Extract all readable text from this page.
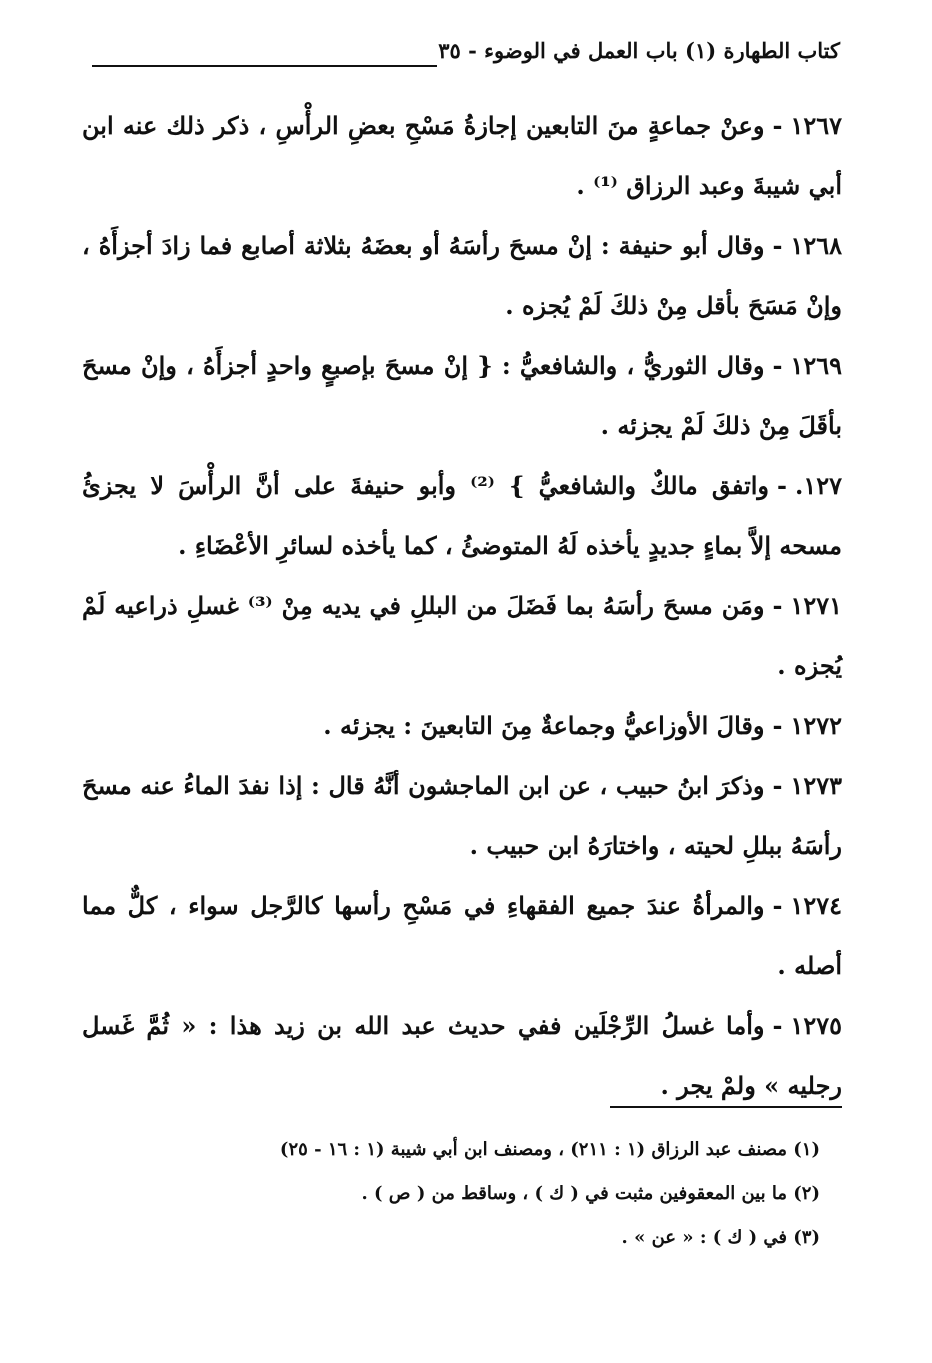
كتاب الطهارة (١) باب العمل في الوضوء - ٣٥

١٢٦٧-وعنْ جماعةٍ منَ التابعين إجازةُ مَسْحِ بعضِ الرأْسِ ، ذكر ذلك عنه ابن أبي شيبةَ وعبد الرزاق ⁽¹⁾ .

١٢٦٨-وقال أبو حنيفة : إنْ مسحَ رأسَهُ أو بعضَهُ بثلاثة أصابع فما زادَ أجزأَهُ ، وإنْ مَسَحَ بأقل مِنْ ذلكَ لَمْ يُجزه .

١٢٦٩-وقال الثوريُّ ، والشافعيُّ : { إنْ مسحَ بإصبعٍ واحدٍ أجزأَهُ ، وإنْ مسحَ بأقَلَ مِنْ ذلكَ لَمْ يجزئه .

١٢٧.-واتفق مالكٌ والشافعيُّ } ⁽²⁾ وأبو حنيفةَ على أنَّ الرأْسَ لا يجزئُ مسحه إلاَّ بماءٍ جديدٍ يأخذه لَهُ المتوضئُ ، كما يأخذه لسائرِ الأعْضَاءِ .

١٢٧١-ومَن مسحَ رأسَهُ بما فَضَلَ من البللِ في يديه مِنْ ⁽³⁾ غسلِ ذراعيه لَمْ يُجزه .

١٢٧٢-وقالَ الأوزاعيُّ وجماعةٌ مِنَ التابعينَ : يجزئه .

١٢٧٣-وذكرَ ابنُ حبيب ، عن ابن الماجشون أنَّهُ قال : إذا نفدَ الماءُ عنه مسحَ رأسَهُ ببللِ لحيته ، واختارَهُ ابن حبيب .

١٢٧٤-والمرأةُ عندَ جميع الفقهاءِ في مَسْحِ رأسها كالرَّجل سواء ، كلٌّ مما أصله .

١٢٧٥-وأما غسلُ الرِّجْلَين ففي حديث عبد الله بن زيد هذا : « ثُمَّ غَسل رجليه » ولمْ يجر .

(١) مصنف عبد الرزاق (١ : ٢١١) ، ومصنف ابن أبي شيبة (١ : ١٦ - ٢٥)
(٢) ما بين المعقوفين مثبت في ( ك ) ، وساقط من ( ص ) .
(٣) في ( ك ) : « عن » .
